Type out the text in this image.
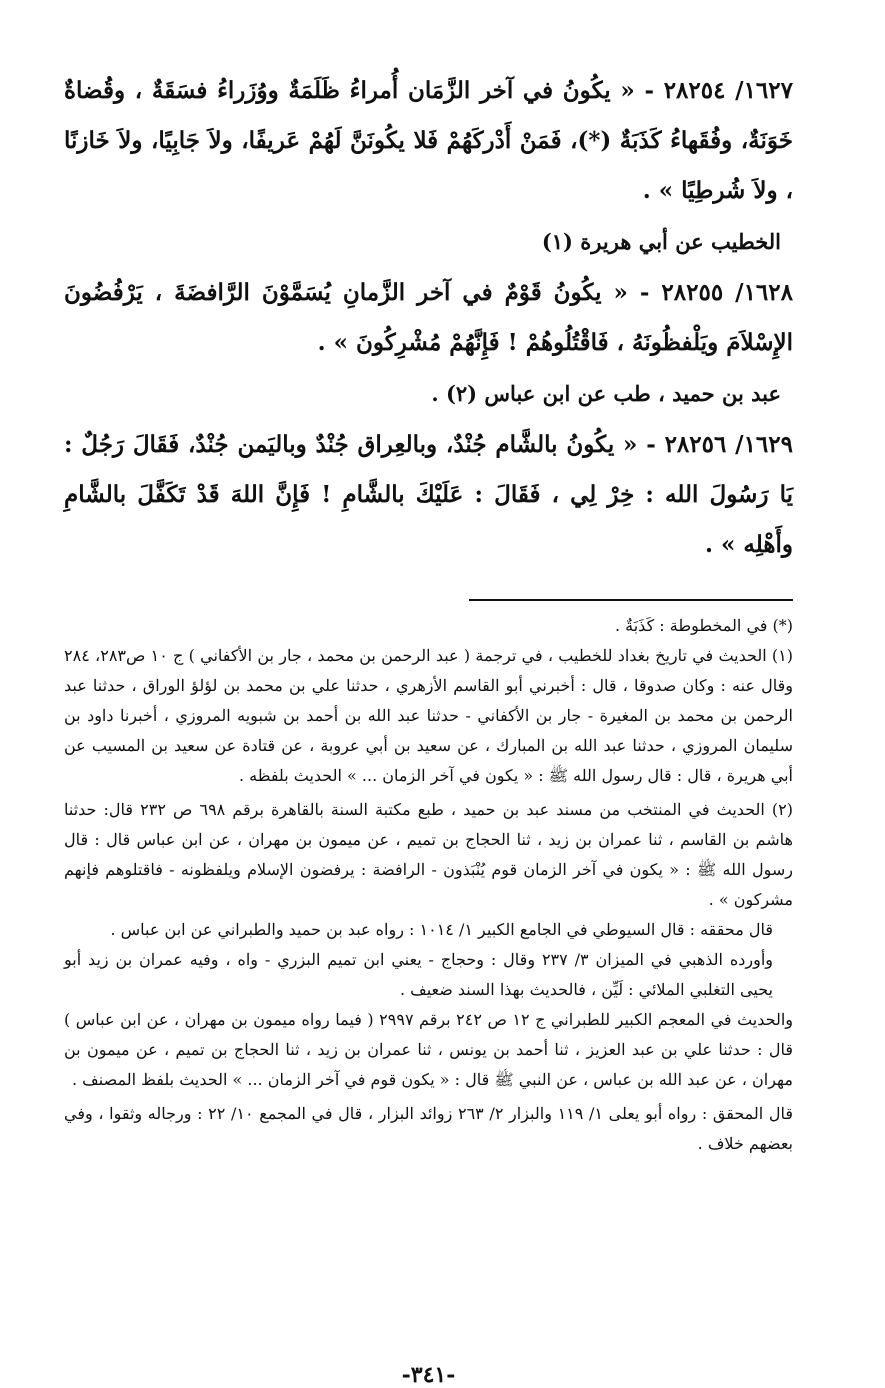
١٦٢٧/ ٢٨٢٥٤ - « يكُونُ في آخر الزَّمَان أُمراءُ ظَلَمَةٌ ووُزَراءُ فسَقَةٌ ، وقُضاةٌ خَوَنَةٌ، وفُقَهاءُ كَذَبَةٌ (*)، فَمَنْ أَدْركَهُمْ فَلا يكُونَنَّ لَهُمْ عَريفًا، ولاَ جَابِيًا، ولاَ خَازنًا ، ولاَ شُرطِيًا » .

الخطيب عن أبي هريرة (١)

١٦٢٨/ ٢٨٢٥٥ - « يكُونُ قَوْمٌ في آخر الزَّمانِ يُسَمَّوْنَ الرَّافضَةَ ، يَرْفُضُونَ الإِسْلاَمَ ويَلْفظُونَهُ ، فَاقْتُلُوهُمْ ! فَإِنَّهُمْ مُشْرِكُونَ » .

عبد بن حميد ، طب عن ابن عباس (٢) .

١٦٢٩/ ٢٨٢٥٦ - « يكُونُ بالشَّام جُنْدٌ، وبالعِراق جُنْدٌ وباليَمن جُنْدٌ، فَقَالَ رَجُلٌ : يَا رَسُولَ الله : خِرْ لِي ، فَقَالَ : عَلَيْكَ بالشَّامِ ! فَإِنَّ اللهَ قَدْ تَكَفَّلَ بالشَّامِ وأَهْلِه » .

(*) في المخطوطة : كَذَبَةٌ .

(١) الحديث في تاريخ بغداد للخطيب ، في ترجمة ( عبد الرحمن بن محمد ، جار بن الأكفاني ) ج ١٠ ص٢٨٣، ٢٨٤ وقال عنه : وكان صدوقا ، قال : أخبرني أبو القاسم الأزهري ، حدثنا علي بن محمد بن لؤلؤ الوراق ، حدثنا عبد الرحمن بن محمد بن المغيرة - جار بن الأكفاني - حدثنا عبد الله بن أحمد بن شبويه المروزي ، أخبرنا داود بن سليمان المروزي ، حدثنا عبد الله بن المبارك ، عن سعيد بن أبي عروبة ، عن قتادة عن سعيد بن المسيب عن أبي هريرة ، قال : قال رسول الله ﷺ : « يكون في آخر الزمان ... » الحديث بلفظه .

(٢) الحديث في المنتخب من مسند عبد بن حميد ، طبع مكتبة السنة بالقاهرة برقم ٦٩٨ ص ٢٣٢ قال: حدثنا هاشم بن القاسم ، ثنا عمران بن زيد ، ثنا الحجاج بن تميم ، عن ميمون بن مهران ، عن ابن عباس قال : قال رسول الله ﷺ : « يكون في آخر الزمان قوم يُنْبَذون - الرافضة : يرفضون الإسلام ويلفظونه - فاقتلوهم فإنهم مشركون » .

قال محققه : قال السيوطي في الجامع الكبير ١/ ١٠١٤ : رواه عبد بن حميد والطبراني عن ابن عباس .

وأورده الذهبي في الميزان ٣/ ٢٣٧ وقال : وحجاج - يعني ابن تميم البزري - واه ، وفيه عمران بن زيد أبو يحيى التغلبي الملائي : لَيِّن ، فالحديث بهذا السند ضعيف .

والحديث في المعجم الكبير للطبراني ج ١٢ ص ٢٤٢ برقم ٢٩٩٧ ( فيما رواه ميمون بن مهران ، عن ابن عباس ) قال : حدثنا علي بن عبد العزيز ، ثنا أحمد بن يونس ، ثنا عمران بن زيد ، ثنا الحجاج بن تميم ، عن ميمون بن مهران ، عن عبد الله بن عباس ، عن النبي ﷺ قال : « يكون قوم في آخر الزمان ... » الحديث بلفظ المصنف .

قال المحقق : رواه أبو يعلى ١/ ١١٩ والبزار ٢/ ٢٦٣ زوائد البزار ، قال في المجمع ١٠/ ٢٢ : ورجاله وثقوا ، وفي بعضهم خلاف .

-٣٤١-
